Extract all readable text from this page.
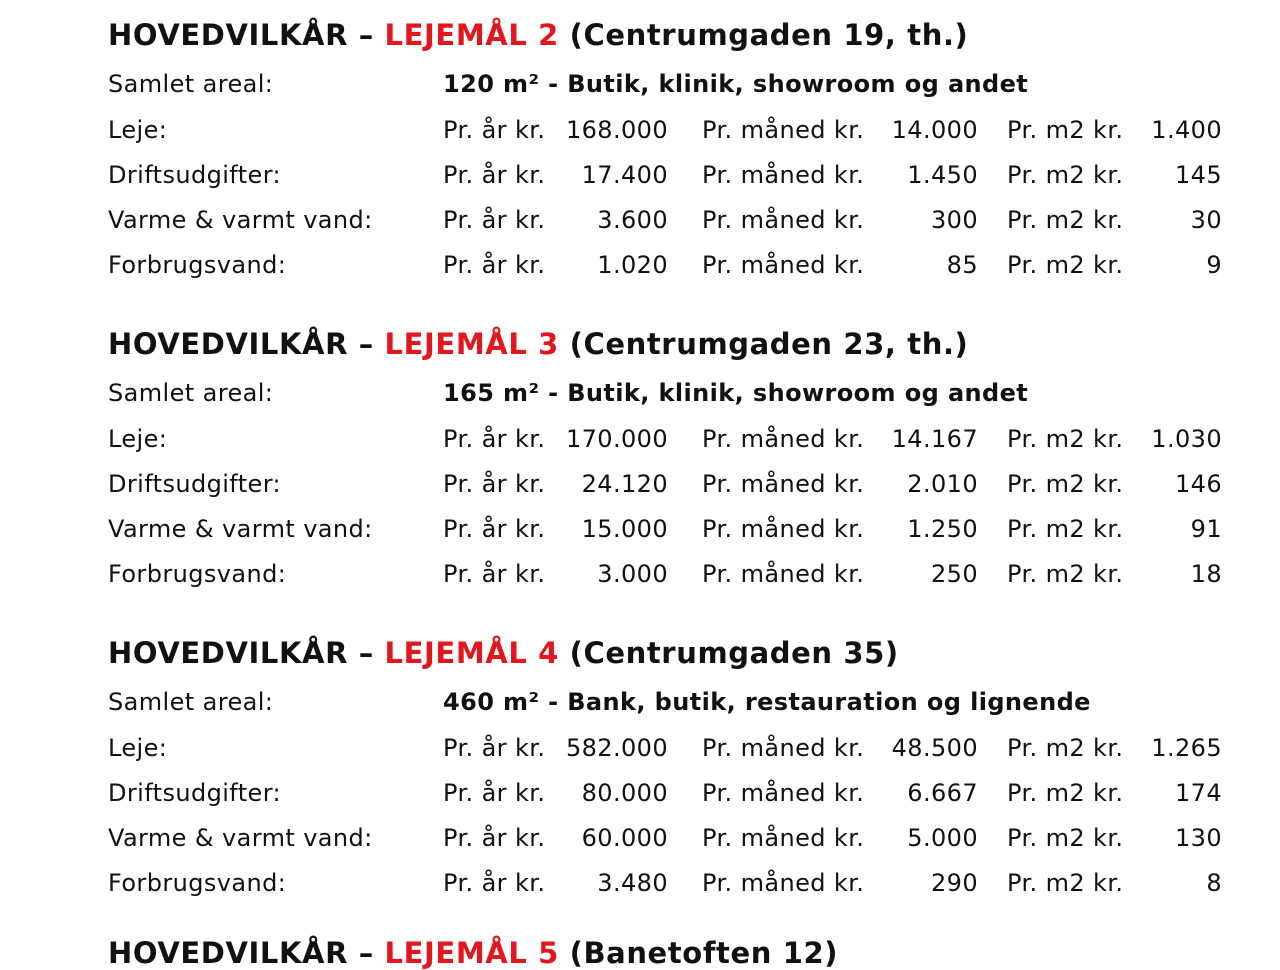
HOVEDVILKÅR – LEJEMÅL 2 (Centrumgaden 19, th.)
Samlet areal:	120 m² - Butik, klinik, showroom og andet
Leje:	Pr. år kr. 168.000 Pr. måned kr.	14.000 Pr. m2 kr.	1.400
Driftsudgifter:	Pr. år kr.	17.400 Pr. måned kr.	1.450 Pr. m2 kr.	145
Varme & varmt vand:	Pr. år kr.	3.600 Pr. måned kr.	300 Pr. m2 kr.	30
Forbrugsvand:	Pr. år kr.	1.020 Pr. måned kr.	85 Pr. m2 kr.	9
HOVEDVILKÅR – LEJEMÅL 3 (Centrumgaden 23, th.)
Samlet areal:	165 m² - Butik, klinik, showroom og andet
Leje:	Pr. år kr. 170.000 Pr. måned kr.	14.167 Pr. m2 kr.	1.030
Driftsudgifter:	Pr. år kr.	24.120 Pr. måned kr.	2.010 Pr. m2 kr.	146
Varme & varmt vand:	Pr. år kr.	15.000 Pr. måned kr.	1.250 Pr. m2 kr.	91
Forbrugsvand:	Pr. år kr.	3.000 Pr. måned kr.	250 Pr. m2 kr.	18
HOVEDVILKÅR – LEJEMÅL 4 (Centrumgaden 35)
Samlet areal:	460 m² - Bank, butik, restauration og lignende
Leje:	Pr. år kr. 582.000 Pr. måned kr.	48.500 Pr. m2 kr.	1.265
Driftsudgifter:	Pr. år kr.	80.000 Pr. måned kr.	6.667 Pr. m2 kr.	174
Varme & varmt vand:	Pr. år kr.	60.000 Pr. måned kr.	5.000 Pr. m2 kr.	130
Forbrugsvand:	Pr. år kr.	3.480 Pr. måned kr.	290 Pr. m2 kr.	8
HOVEDVILKÅR – LEJEMÅL 5 (Banetoften 12)
